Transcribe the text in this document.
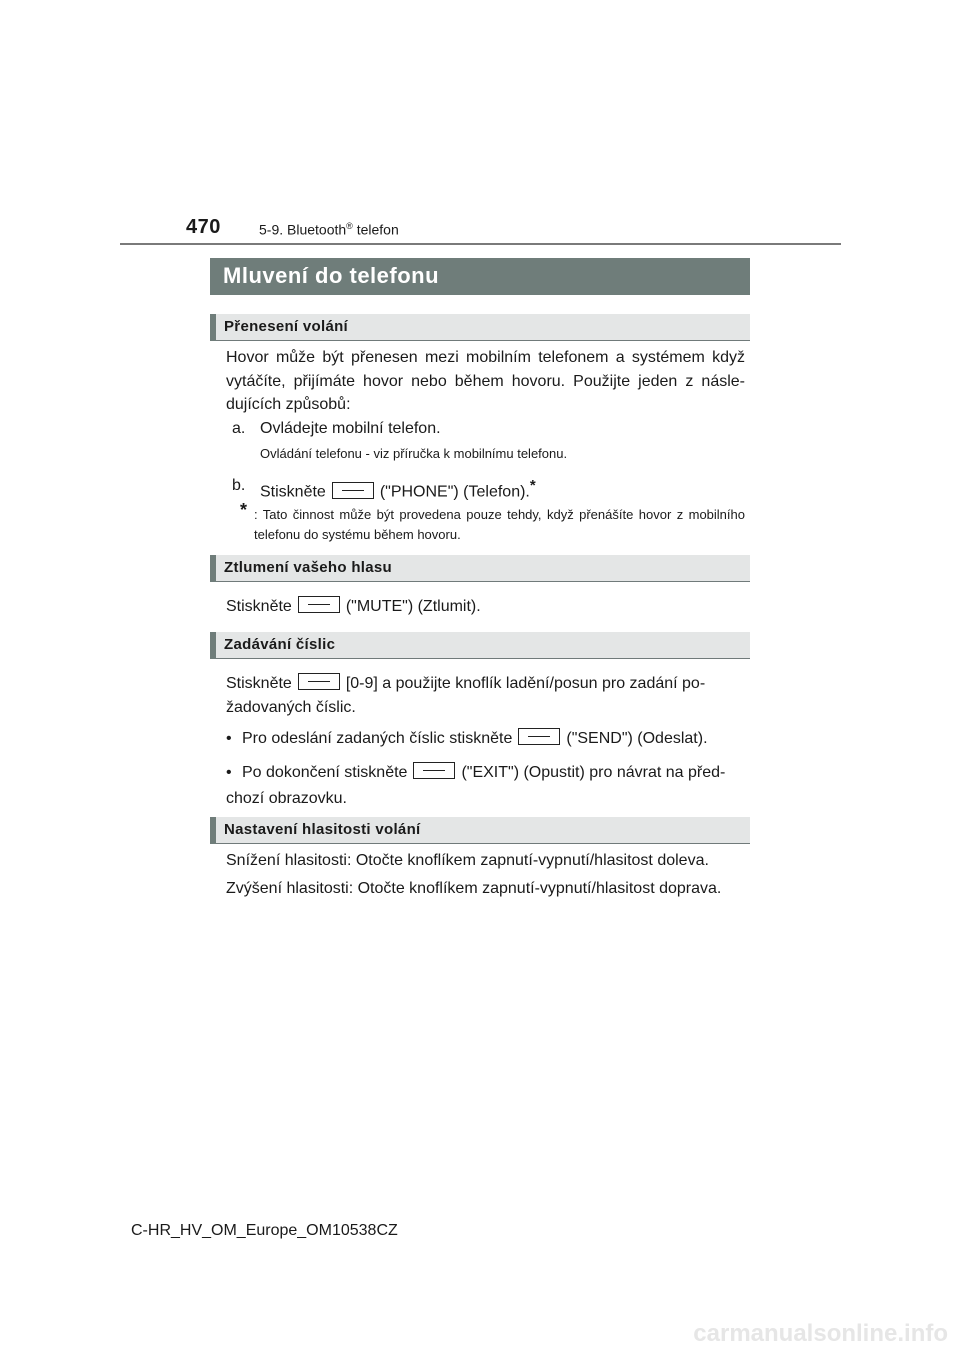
470	5-9. Bluetooth® telefon
Mluvení do telefonu
Přenesení volání
Hovor může být přenesen mezi mobilním telefonem a systémem když vytáčíte, přijímáte hovor nebo během hovoru. Použijte jeden z násle-dujících způsobů:
a. Ovládejte mobilní telefon.
Ovládání telefonu - viz příručka k mobilnímu telefonu.
b. Stiskněte	("PHONE") (Telefon).*
* : Tato činnost může být provedena pouze tehdy, když přenášíte hovor z mobilního telefonu do systému během hovoru.
Ztlumení vašeho hlasu
Stiskněte	("MUTE") (Ztlumit).
Zadávání číslic
Stiskněte	[0-9] a použijte knoflík ladění/posun pro zadání po-žadovaných číslic.
• Pro odeslání zadaných číslic stiskněte	("SEND") (Odeslat).
• Po dokončení stiskněte	("EXIT") (Opustit) pro návrat na před-chozí obrazovku.
Nastavení hlasitosti volání
Snížení hlasitosti: Otočte knoflíkem zapnutí-vypnutí/hlasitost doleva.
Zvýšení hlasitosti: Otočte knoflíkem zapnutí-vypnutí/hlasitost doprava.
C-HR_HV_OM_Europe_OM10538CZ
carmanualsonline.info
